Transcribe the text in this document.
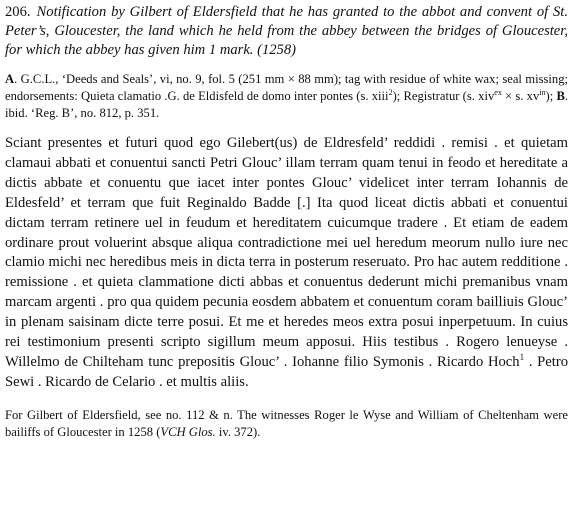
206. Notification by Gilbert of Eldersfield that he has granted to the abbot and convent of St. Peter’s, Gloucester, the land which he held from the abbey between the bridges of Gloucester, for which the abbey has given him 1 mark. (1258)

A. G.C.L., ‘Deeds and Seals’, vi, no. 9, fol. 5 (251 mm × 88 mm); tag with residue of white wax; seal missing; endorsements: Quieta clamatio .G. de Eldisfeld de domo inter pontes (s. xiii$^2$); Registratur (s. xiv$^{ex}$ × s. $xv^{in}$); B. ibid. ‘Reg. B’, no. 812, p. 351.

Sciant presentes et futuri quod ego Gilebert(us) de Eldresfeld’ reddidi . remisi . et quietam clamaui abbati et conuentui sancti Petri Glouc’ illam terram quam tenui in feodo et hereditate a dictis abbate et conuentu que iacet inter pontes Glouc’ videlicet inter terram Iohannis de Eldesfeld’ et terram que fuit Reginaldo Badde [.] Ita quod liceat dictis abbati et conuentui dictam terram retinere uel in feudum et hereditatem cuicumque tradere . Et etiam de eadem ordinare prout voluerint absque aliqua contradictione mei uel heredum meorum nullo iure nec clamio michi nec heredibus meis in dicta terra in posterum reseruato. Pro hac autem redditione . remissione . et quieta clammatione dicti abbas et conuentus dederunt michi premanibus vnam marcam argenti . pro qua quidem pecunia eosdem abbatem et conuentum coram bailliuis Glouc’ in plenam saisinam dicte terre posui. Et me et heredes meos extra posui inperpetuum. In cuius rei testimonium presenti scripto sigillum meum apposui. Hiis testibus . Rogero lenueyse . Willelmo de Chilteham tunc prepositis Glouc’ . Iohanne filio Symonis . Ricardo Hoch$^1$ . Petro Sewi . Ricardo de Celario . et multis aliis.

For Gilbert of Eldersfield, see no. 112 & n. The witnesses Roger le Wyse and William of Cheltenham were bailiffs of Gloucester in 1258 (VCH Glos. iv. 372).
